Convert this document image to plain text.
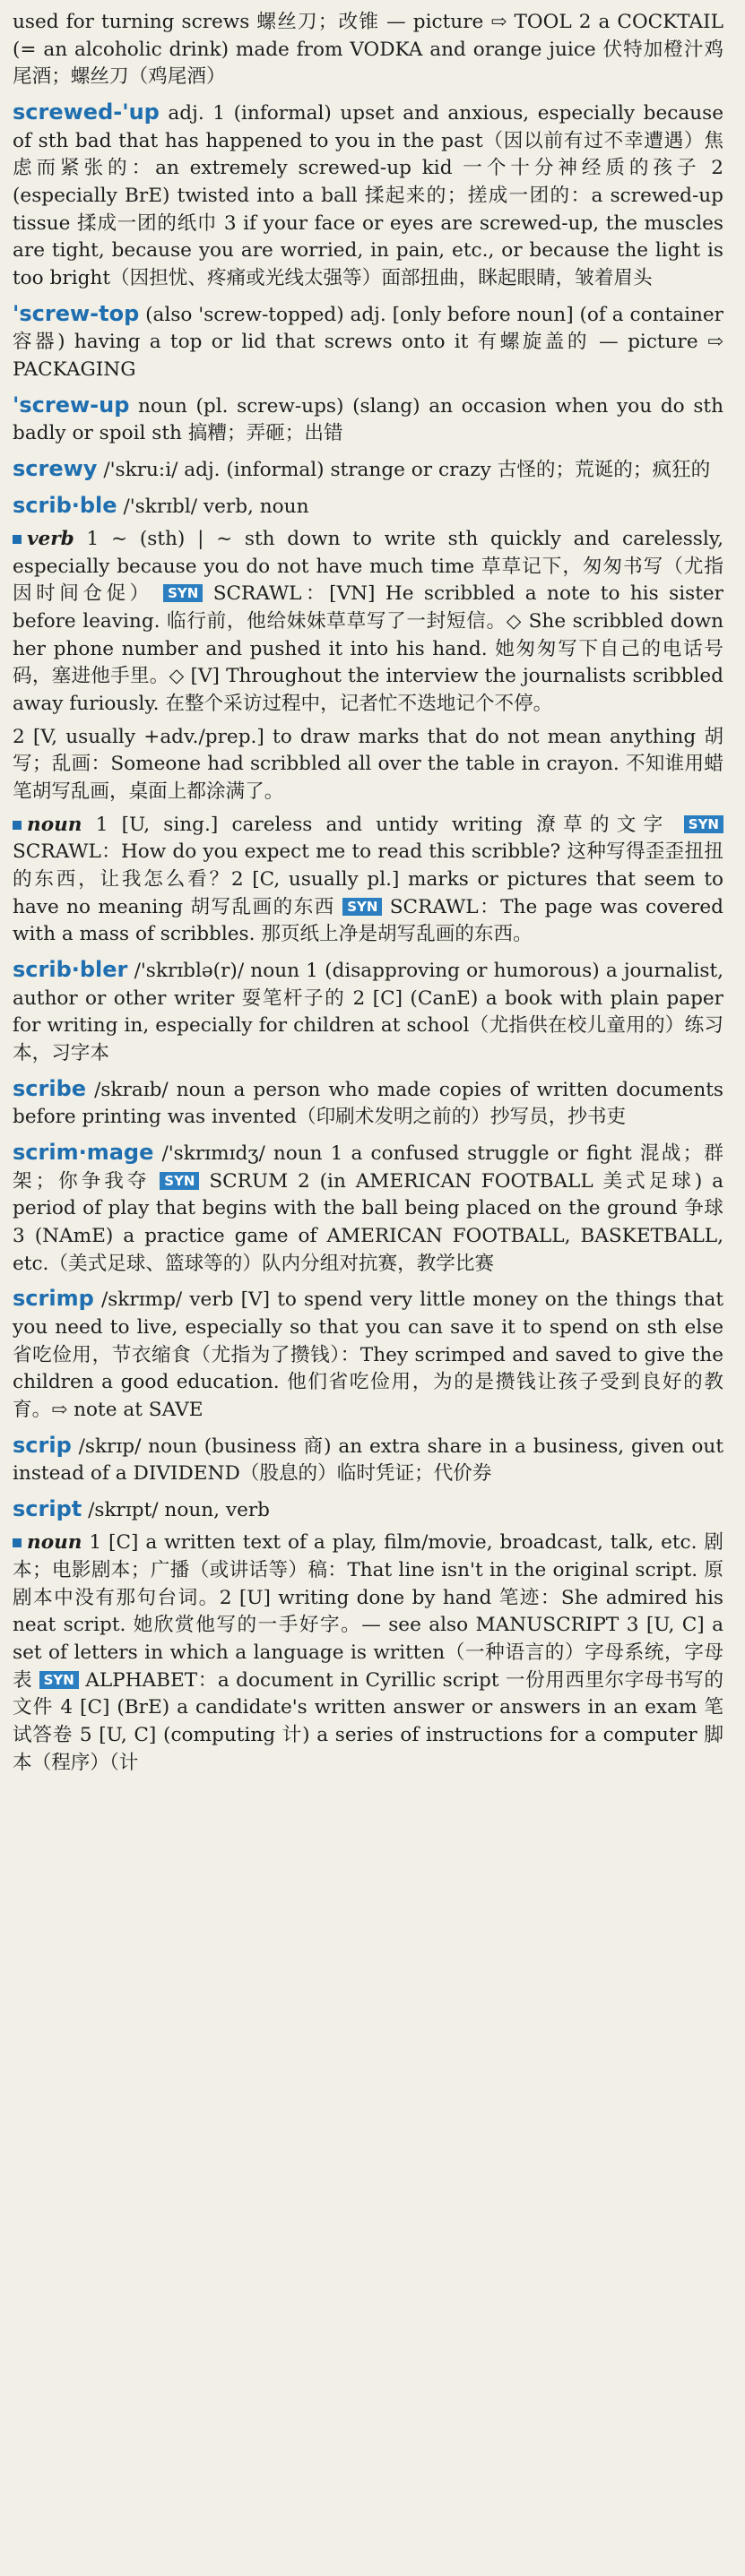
used for turning screws 螺丝刀；改锥 — picture ⇨ TOOL 2 a COCKTAIL (= an alcoholic drink) made from VODKA and orange juice 伏特加橙汁鸡尾酒；螺丝刀（鸡尾酒）

screwed-'up adj. 1 (informal) upset and anxious, especially because of sth bad that has happened to you in the past（因以前有过不幸遭遇）焦虑而紧张的：an extremely screwed-up kid 一个十分神经质的孩子 2 (especially BrE) twisted into a ball 揉起来的；搓成一团的：a screwed-up tissue 揉成一团的纸巾 3 if your face or eyes are screwed-up, the muscles are tight, because you are worried, in pain, etc., or because the light is too bright（因担忧、疼痛或光线太强等）面部扭曲，眯起眼睛，皱着眉头

'screw-top (also 'screw-topped) adj. [only before noun] (of a container 容器) having a top or lid that screws onto it 有螺旋盖的 — picture ⇨ PACKAGING

'screw-up noun (pl. screw-ups) (slang) an occasion when you do sth badly or spoil sth 搞糟；弄砸；出错

screwy /'skru:i/ adj. (informal) strange or crazy 古怪的；荒诞的；疯狂的

scrib·ble /'skrɪbl/ verb, noun

verb 1 ~ (sth) | ~ sth down to write sth quickly and carelessly, especially because you do not have much time 草草记下，匆匆书写（尤指因时间仓促） SYN SCRAWL：[VN] He scribbled a note to his sister before leaving. 临行前，他给妹妹草草写了一封短信。◇ She scribbled down her phone number and pushed it into his hand. 她匆匆写下自己的电话号码，塞进他手里。◇ [V] Throughout the interview the journalists scribbled away furiously. 在整个采访过程中，记者忙不迭地记个不停。

2 [V, usually +adv./prep.] to draw marks that do not mean anything 胡写；乱画：Someone had scribbled all over the table in crayon. 不知谁用蜡笔胡写乱画，桌面上都涂满了。

noun 1 [U, sing.] careless and untidy writing 潦草的文字 SYN SCRAWL：How do you expect me to read this scribble? 这种写得歪歪扭扭的东西，让我怎么看？2 [C, usually pl.] marks or pictures that seem to have no meaning 胡写乱画的东西 SYN SCRAWL：The page was covered with a mass of scribbles. 那页纸上净是胡写乱画的东西。

scrib·bler /'skrɪblə(r)/ noun 1 (disapproving or humorous) a journalist, author or other writer 耍笔杆子的 2 [C] (CanE) a book with plain paper for writing in, especially for children at school（尤指供在校儿童用的）练习本，习字本

scribe /skraɪb/ noun a person who made copies of written documents before printing was invented（印刷术发明之前的）抄写员，抄书吏

scrim·mage /'skrɪmɪdʒ/ noun 1 a confused struggle or fight 混战；群架；你争我夺 SYN SCRUM 2 (in AMERICAN FOOTBALL 美式足球) a period of play that begins with the ball being placed on the ground 争球 3 (NAmE) a practice game of AMERICAN FOOTBALL, BASKETBALL, etc.（美式足球、篮球等的）队内分组对抗赛，教学比赛

scrimp /skrɪmp/ verb [V] to spend very little money on the things that you need to live, especially so that you can save it to spend on sth else 省吃俭用，节衣缩食（尤指为了攒钱）：They scrimped and saved to give the children a good education. 他们省吃俭用，为的是攒钱让孩子受到良好的教育。⇨ note at SAVE

scrip /skrɪp/ noun (business 商) an extra share in a business, given out instead of a DIVIDEND（股息的）临时凭证；代价券

script /skrɪpt/ noun, verb

noun 1 [C] a written text of a play, film/movie, broadcast, talk, etc. 剧本；电影剧本；广播（或讲话等）稿：That line isn't in the original script. 原剧本中没有那句台词。2 [U] writing done by hand 笔迹：She admired his neat script. 她欣赏他写的一手好字。— see also MANUSCRIPT 3 [U, C] a set of letters in which a language is written（一种语言的）字母系统，字母表 SYN ALPHABET：a document in Cyrillic script 一份用西里尔字母书写的文件 4 [C] (BrE) a candidate's written answer or answers in an exam 笔试答卷 5 [U, C] (computing 计) a series of instructions for a computer 脚本（程序）（计
